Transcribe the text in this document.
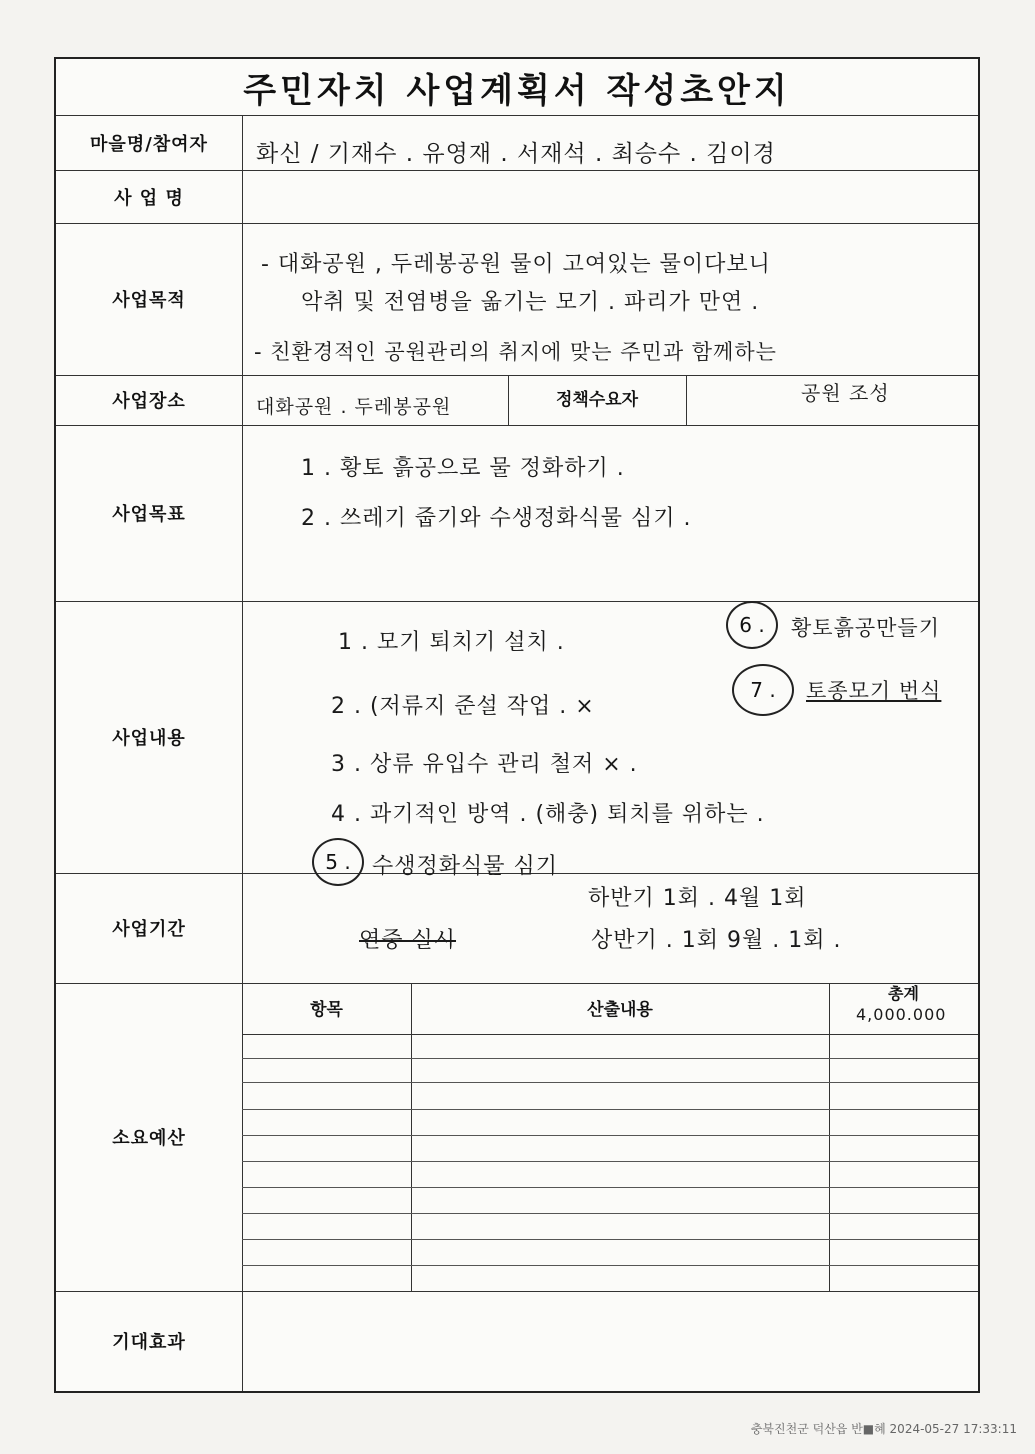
주민자치 사업계획서 작성초안지
마을명/참여자
사 업 명
사업목적
사업장소
사업목표
사업내용
사업기간
소요예산
기대효과
정책수요자
항목	산출내용
총계
4,000.000
화신 / 기재수 . 유영재 . 서재석 . 최승수 . 김이경
- 대화공원 , 두레봉공원 물이 고여있는 물이다보니
악취 및 전염병을 옮기는 모기 . 파리가 만연 .
- 친환경적인 공원관리의 취지에 맞는 주민과 함께하는
공원 조성
대화공원 . 두레봉공원
1 . 황토 흙공으로 물 정화하기 .
2 . 쓰레기 줍기와 수생정화식물 심기 .
1 . 모기 퇴치기 설치 .
2 . (저류지 준설 작업 . ×
3 . 상류 유입수 관리 철저 × .
4 . 과기적인 방역 . (해충) 퇴치를 위하는 .
5 . 수생정화식물 심기
6 . 황토흙공만들기
7 . 토종모기 번식
하반기 1회 . 4월 1회
연중 실시	상반기 . 1회 9월 . 1회 .
충북진천군 덕산읍 반■혜 2024-05-27 17:33:11
